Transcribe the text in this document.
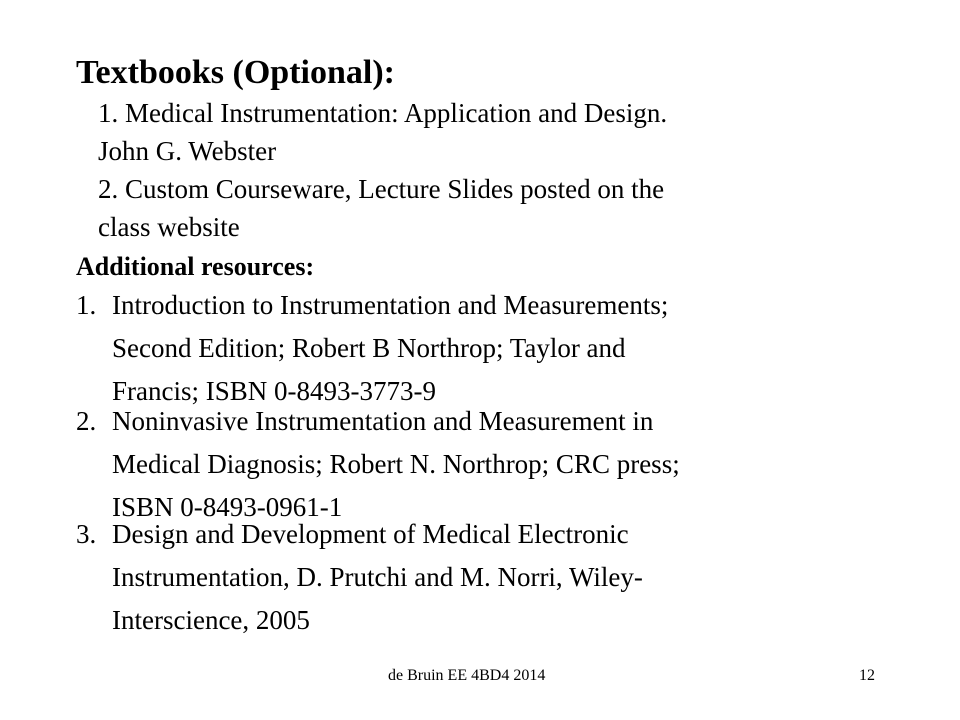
Textbooks (Optional):
1. Medical Instrumentation: Application and Design.
John G. Webster
2. Custom Courseware, Lecture Slides posted on the
class website
Additional resources:
1. Introduction to Instrumentation and Measurements;
Second Edition; Robert B Northrop; Taylor and
Francis; ISBN 0-8493-3773-9
2. Noninvasive Instrumentation and Measurement in
Medical Diagnosis; Robert N. Northrop; CRC press;
ISBN 0-8493-0961-1
3. Design and Development of Medical Electronic
Instrumentation, D. Prutchi and M. Norri, Wiley-
Interscience, 2005
de Bruin EE 4BD4 2014	12
